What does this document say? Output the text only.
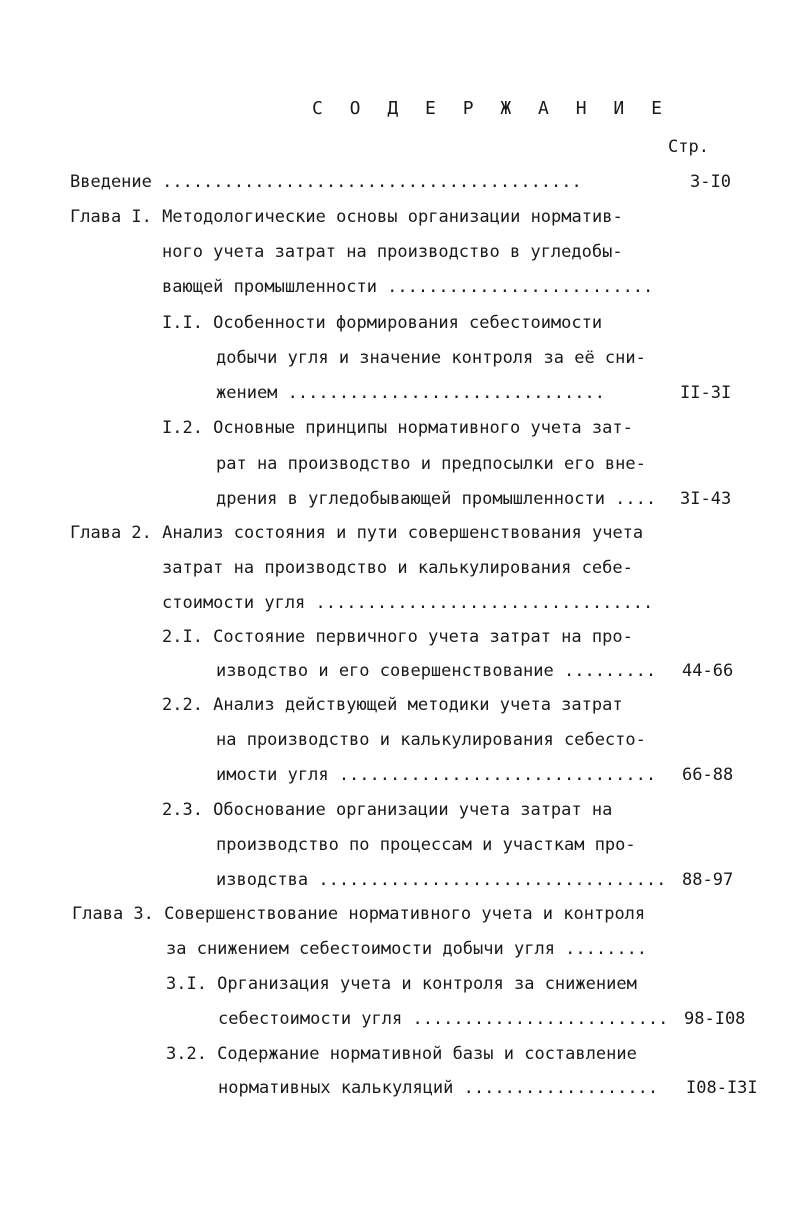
С О Д Е Р Ж А Н И Е
Стр.
Введение .........................................	3-I0
Глава I. Методологические основы организации норматив-
ного учета затрат на производство в угледобы-
вающей промышленности ..........................
I.I. Особенности формирования себестоимости
добычи угля и значение контроля за её сни-
жением ...............................	II-3I
I.2. Основные принципы нормативного учета зат-
рат на производство и предпосылки его вне-
дрения в угледобывающей промышленности .... 3I-43
Глава 2. Анализ состояния и пути совершенствования учета
затрат на производство и калькулирования себе-
стоимости угля .................................
2.I. Состояние первичного учета затрат на про-
изводство и его совершенствование ......... 44-66
2.2. Анализ действующей методики учета затрат
на производство и калькулирования себесто-
имости угля ............................... 66-88
2.3. Обоснование организации учета затрат на
производство по процессам и участкам про-
изводства .................................. 88-97
Глава 3. Совершенствование нормативного учета и контроля
за снижением себестоимости добычи угля ........
3.I. Организация учета и контроля за снижением
себестоимости угля ......................... 98-I08
3.2. Содержание нормативной базы и составление
нормативных калькуляций ................... I08-I3I
